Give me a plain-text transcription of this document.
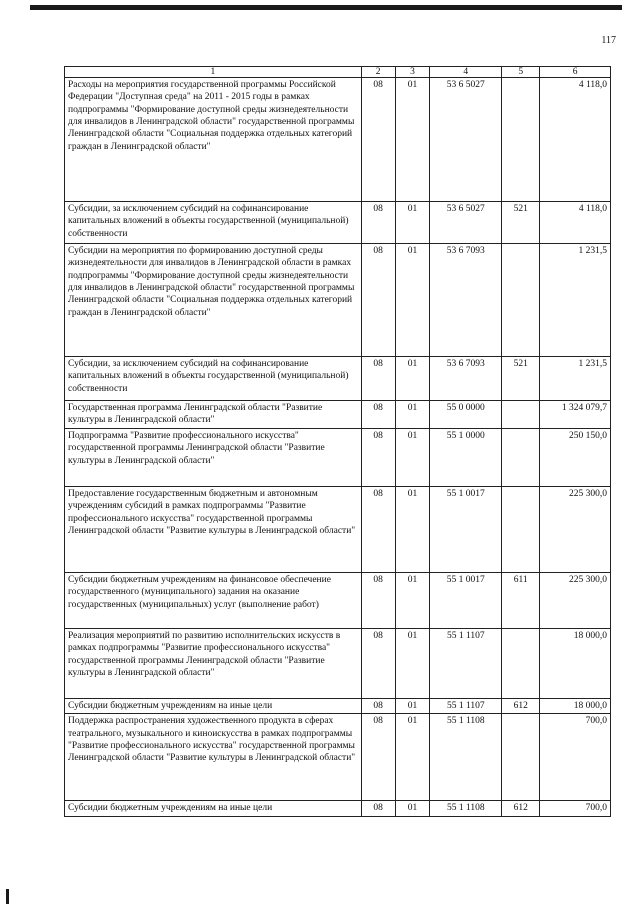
117
1	2	3	4	5	6
Расходы на мероприятия государственной программы Российской Федерации "Доступная среда" на 2011 - 2015 годы в рамках подпрограммы "Формирование доступной среды жизнедеятельности для инвалидов в Ленинградской области" государственной программы Ленинградской области "Социальная поддержка отдельных категорий граждан в Ленинградской области"	08	01	53 6 5027		4 118,0
Субсидии, за исключением субсидий на софинансирование капитальных вложений в объекты государственной (муниципальной) собственности	08	01	53 6 5027	521	4 118,0
Субсидии на мероприятия по формированию доступной среды жизнедеятельности для инвалидов в Ленинградской области в рамках подпрограммы "Формирование доступной среды жизнедеятельности для инвалидов в Ленинградской области" государственной программы Ленинградской области "Социальная поддержка отдельных категорий граждан в Ленинградской области"	08	01	53 6 7093		1 231,5
Субсидии, за исключением субсидий на софинансирование капитальных вложений в объекты государственной (муниципальной) собственности	08	01	53 6 7093	521	1 231,5
Государственная программа Ленинградской области "Развитие культуры в Ленинградской области"	08	01	55 0 0000		1 324 079,7
Подпрограмма "Развитие профессионального искусства" государственной программы Ленинградской области "Развитие культуры в Ленинградской области"	08	01	55 1 0000		250 150,0
Предоставление государственным бюджетным и автономным учреждениям субсидий в рамках подпрограммы "Развитие профессионального искусства" государственной программы Ленинградской области "Развитие культуры в Ленинградской области"	08	01	55 1 0017		225 300,0
Субсидии бюджетным учреждениям на финансовое обеспечение государственного (муниципального) задания на оказание государственных (муниципальных) услуг (выполнение работ)	08	01	55 1 0017	611	225 300,0
Реализация мероприятий по развитию исполнительских искусств в рамках подпрограммы "Развитие профессионального искусства" государственной программы Ленинградской области "Развитие культуры в Ленинградской области"	08	01	55 1 1107		18 000,0
Субсидии бюджетным учреждениям на иные цели	08	01	55 1 1107	612	18 000,0
Поддержка распространения художественного продукта в сферах театрального, музыкального и киноискусства в рамках подпрограммы "Развитие профессионального искусства" государственной программы Ленинградской области "Развитие культуры в Ленинградской области"	08	01	55 1 1108		700,0
Субсидии бюджетным учреждениям на иные цели	08	01	55 1 1108	612	700,0
